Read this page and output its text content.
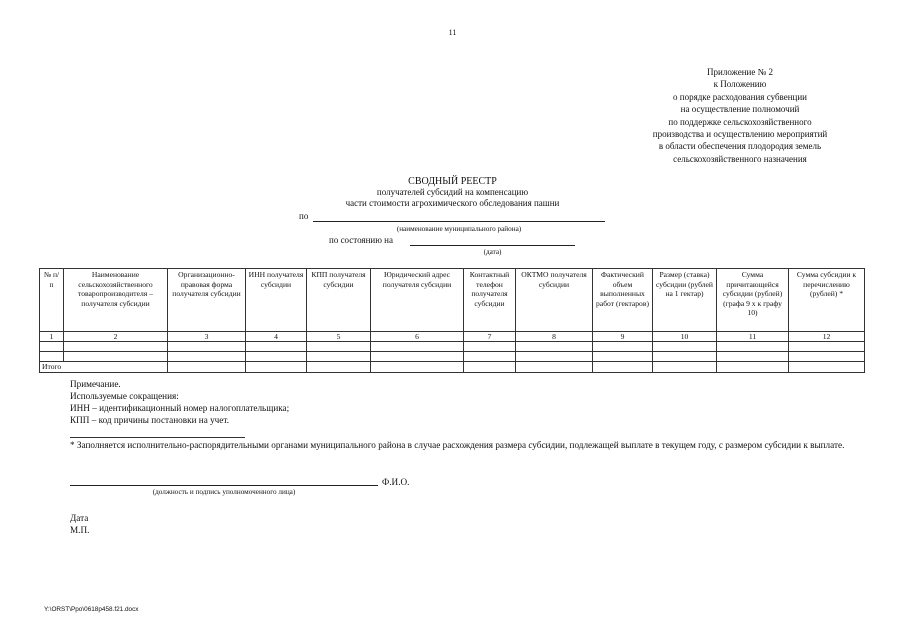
11
Приложение № 2
к Положению
о порядке расходования субвенции
на осуществление полномочий
по поддержке сельскохозяйственного
производства и осуществлению мероприятий
в области обеспечения плодородия земель
сельскохозяйственного назначения
СВОДНЫЙ РЕЕСТР
получателей субсидий на компенсацию
части стоимости агрохимического обследования пашни
по
(наименование муниципального района)
по состоянию на
(дата)
№ п/п	Наименование сельскохозяйственного товаропроизводителя – получателя субсидии	Организационно-правовая форма получателя субсидии	ИНН получателя субсидии	КПП получателя субсидии	Юридический адрес получателя субсидии	Контактный телефон получателя субсидии	ОКТМО получателя субсидии	Фактический объем выполненных работ (гектаров)	Размер (ставка) субсидии (рублей на 1 гектар)	Сумма причитающейся субсидии (рублей) (графа 9 х к графу 10)	Сумма субсидии к перечислению (рублей) *
1	2	3	4	5	6	7	8	9	10	11	12

Итого											
Примечание.
Используемые сокращения:
ИНН – идентификационный номер налогоплательщика;
КПП – код причины постановки на учет.
* Заполняется исполнительно-распорядительными органами муниципального района в случае расхождения размера субсидии, подлежащей выплате в текущем году, с размером субсидии к выплате.
Ф.И.О.
(должность и подпись уполномоченного лица)
Дата
М.П.
Y:\ORST\Ppo\0618p458.f21.docx
